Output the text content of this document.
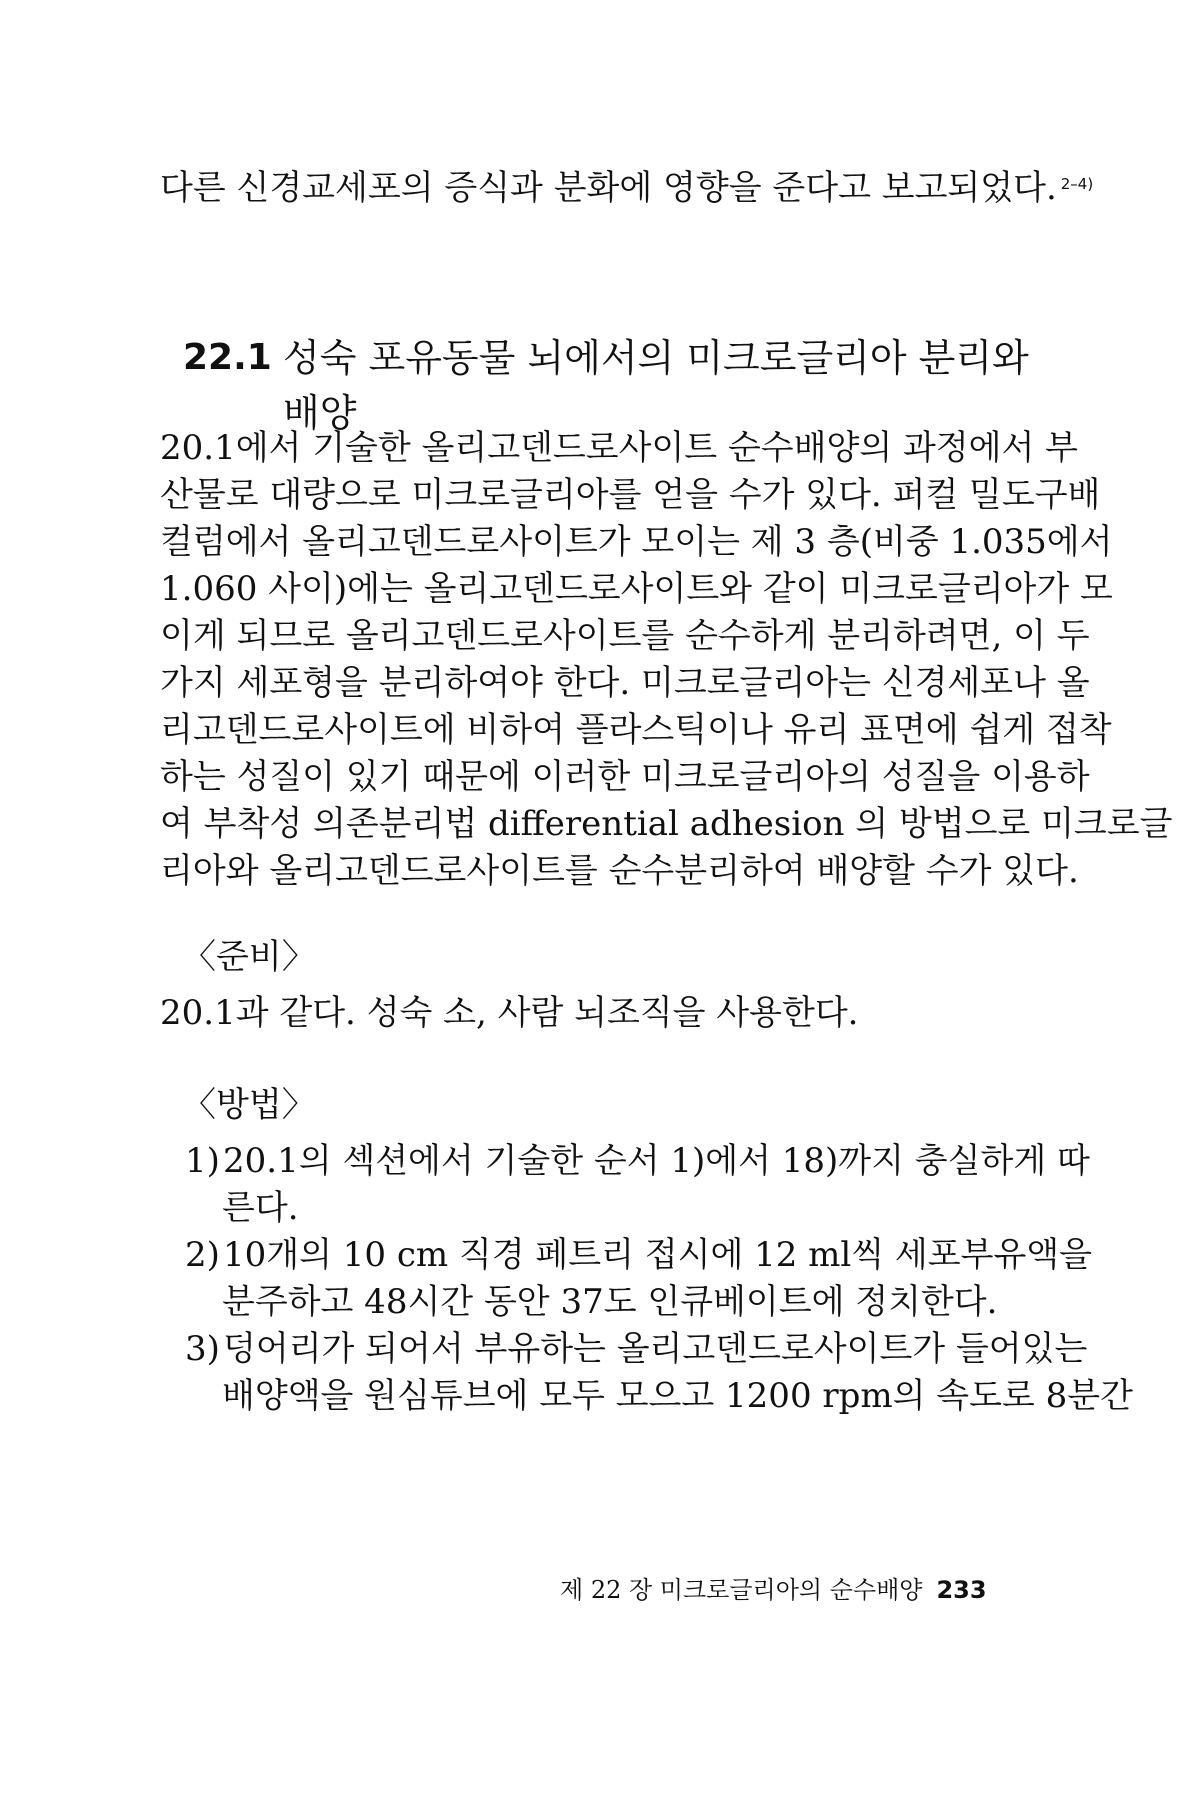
다른 신경교세포의 증식과 분화에 영향을 준다고 보고되었다. $^{2-4)}$
22.1 성숙 포유동물 뇌에서의 미크로글리아 분리와
배양
20.1에서 기술한 올리고덴드로사이트 순수배양의 과정에서 부
산물로 대량으로 미크로글리아를 얻을 수가 있다. 퍼컬 밀도구배
컬럼에서 올리고덴드로사이트가 모이는 제 3 층(비중 1.035에서
1.060 사이)에는 올리고덴드로사이트와 같이 미크로글리아가 모
이게 되므로 올리고덴드로사이트를 순수하게 분리하려면, 이 두
가지 세포형을 분리하여야 한다. 미크로글리아는 신경세포나 올
리고덴드로사이트에 비하여 플라스틱이나 유리 표면에 쉽게 접착
하는 성질이 있기 때문에 이러한 미크로글리아의 성질을 이용하
여 부착성 의존분리법 differential adhesion 의 방법으로 미크로글
리아와 올리고덴드로사이트를 순수분리하여 배양할 수가 있다.
〈준비〉
20.1과 같다. 성숙 소, 사람 뇌조직을 사용한다.
〈방법〉
1)20.1의 섹션에서 기술한 순서 1)에서 18)까지 충실하게 따
른다.
2)10개의 10 cm 직경 페트리 접시에 12 ml씩 세포부유액을
분주하고 48시간 동안 37도 인큐베이트에 정치한다.
3)덩어리가 되어서 부유하는 올리고덴드로사이트가 들어있는
배양액을 원심튜브에 모두 모으고 1200 rpm의 속도로 8분간
제 22 장 미크로글리아의 순수배양 233
